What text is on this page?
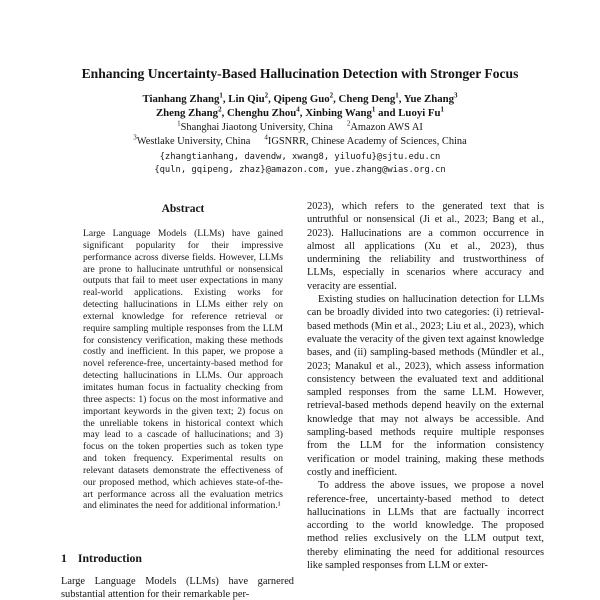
Enhancing Uncertainty-Based Hallucination Detection with Stronger Focus
Tianhang Zhang$^1$, Lin Qiu$^2$, Qipeng Guo$^2$, Cheng Deng$^1$, Yue Zhang$^3$
Zheng Zhang$^2$, Chenghu Zhou$^4$, Xinbing Wang$^1$ and Luoyi Fu$^1$
$^1$Shanghai Jiaotong University, China $^2$Amazon AWS AI
$^3$Westlake University, China $^4$IGSNRR, Chinese Academy of Sciences, China
{zhangtianhang, davendw, xwang8, yiluofu}@sjtu.edu.cn
{quln, gqipeng, zhaz}@amazon.com, yue.zhang@wias.org.cn
Abstract

Large Language Models (LLMs) have gained significant popularity for their impressive performance across diverse fields. However, LLMs are prone to hallucinate untruthful or nonsensical outputs that fail to meet user expectations in many real-world applications. Existing works for detecting hallucinations in LLMs either rely on external knowledge for reference retrieval or require sampling multiple responses from the LLM for consistency verification, making these methods costly and inefficient. In this paper, we propose a novel reference-free, uncertainty-based method for detecting hallucinations in LLMs. Our approach imitates human focus in factuality checking from three aspects: 1) focus on the most informative and important keywords in the given text; 2) focus on the unreliable tokens in historical context which may lead to a cascade of hallucinations; and 3) focus on the token properties such as token type and token frequency. Experimental results on relevant datasets demonstrate the effectiveness of our proposed method, which achieves state-of-the-art performance across all the evaluation metrics and eliminates the need for additional information.¹

1 Introduction

Large Language Models (LLMs) have garnered substantial attention for their remarkable per-

2023), which refers to the generated text that is untruthful or nonsensical (Ji et al., 2023; Bang et al., 2023). Hallucinations are a common occurrence in almost all applications (Xu et al., 2023), thus undermining the reliability and trustworthiness of LLMs, especially in scenarios where accuracy and veracity are essential.

Existing studies on hallucination detection for LLMs can be broadly divided into two categories: (i) retrieval-based methods (Min et al., 2023; Liu et al., 2023), which evaluate the veracity of the given text against knowledge bases, and (ii) sampling-based methods (Mündler et al., 2023; Manakul et al., 2023), which assess information consistency between the evaluated text and additional sampled responses from the same LLM. However, retrieval-based methods depend heavily on the external knowledge that may not always be accessible. And sampling-based methods require multiple responses from the LLM for the information consistency verification or model training, making these methods costly and inefficient.

To address the above issues, we propose a novel reference-free, uncertainty-based method to detect hallucinations in LLMs that are factually incorrect according to the world knowledge. The proposed method relies exclusively on the LLM output text, thereby eliminating the need for additional resources like sampled responses from LLM or exter-
